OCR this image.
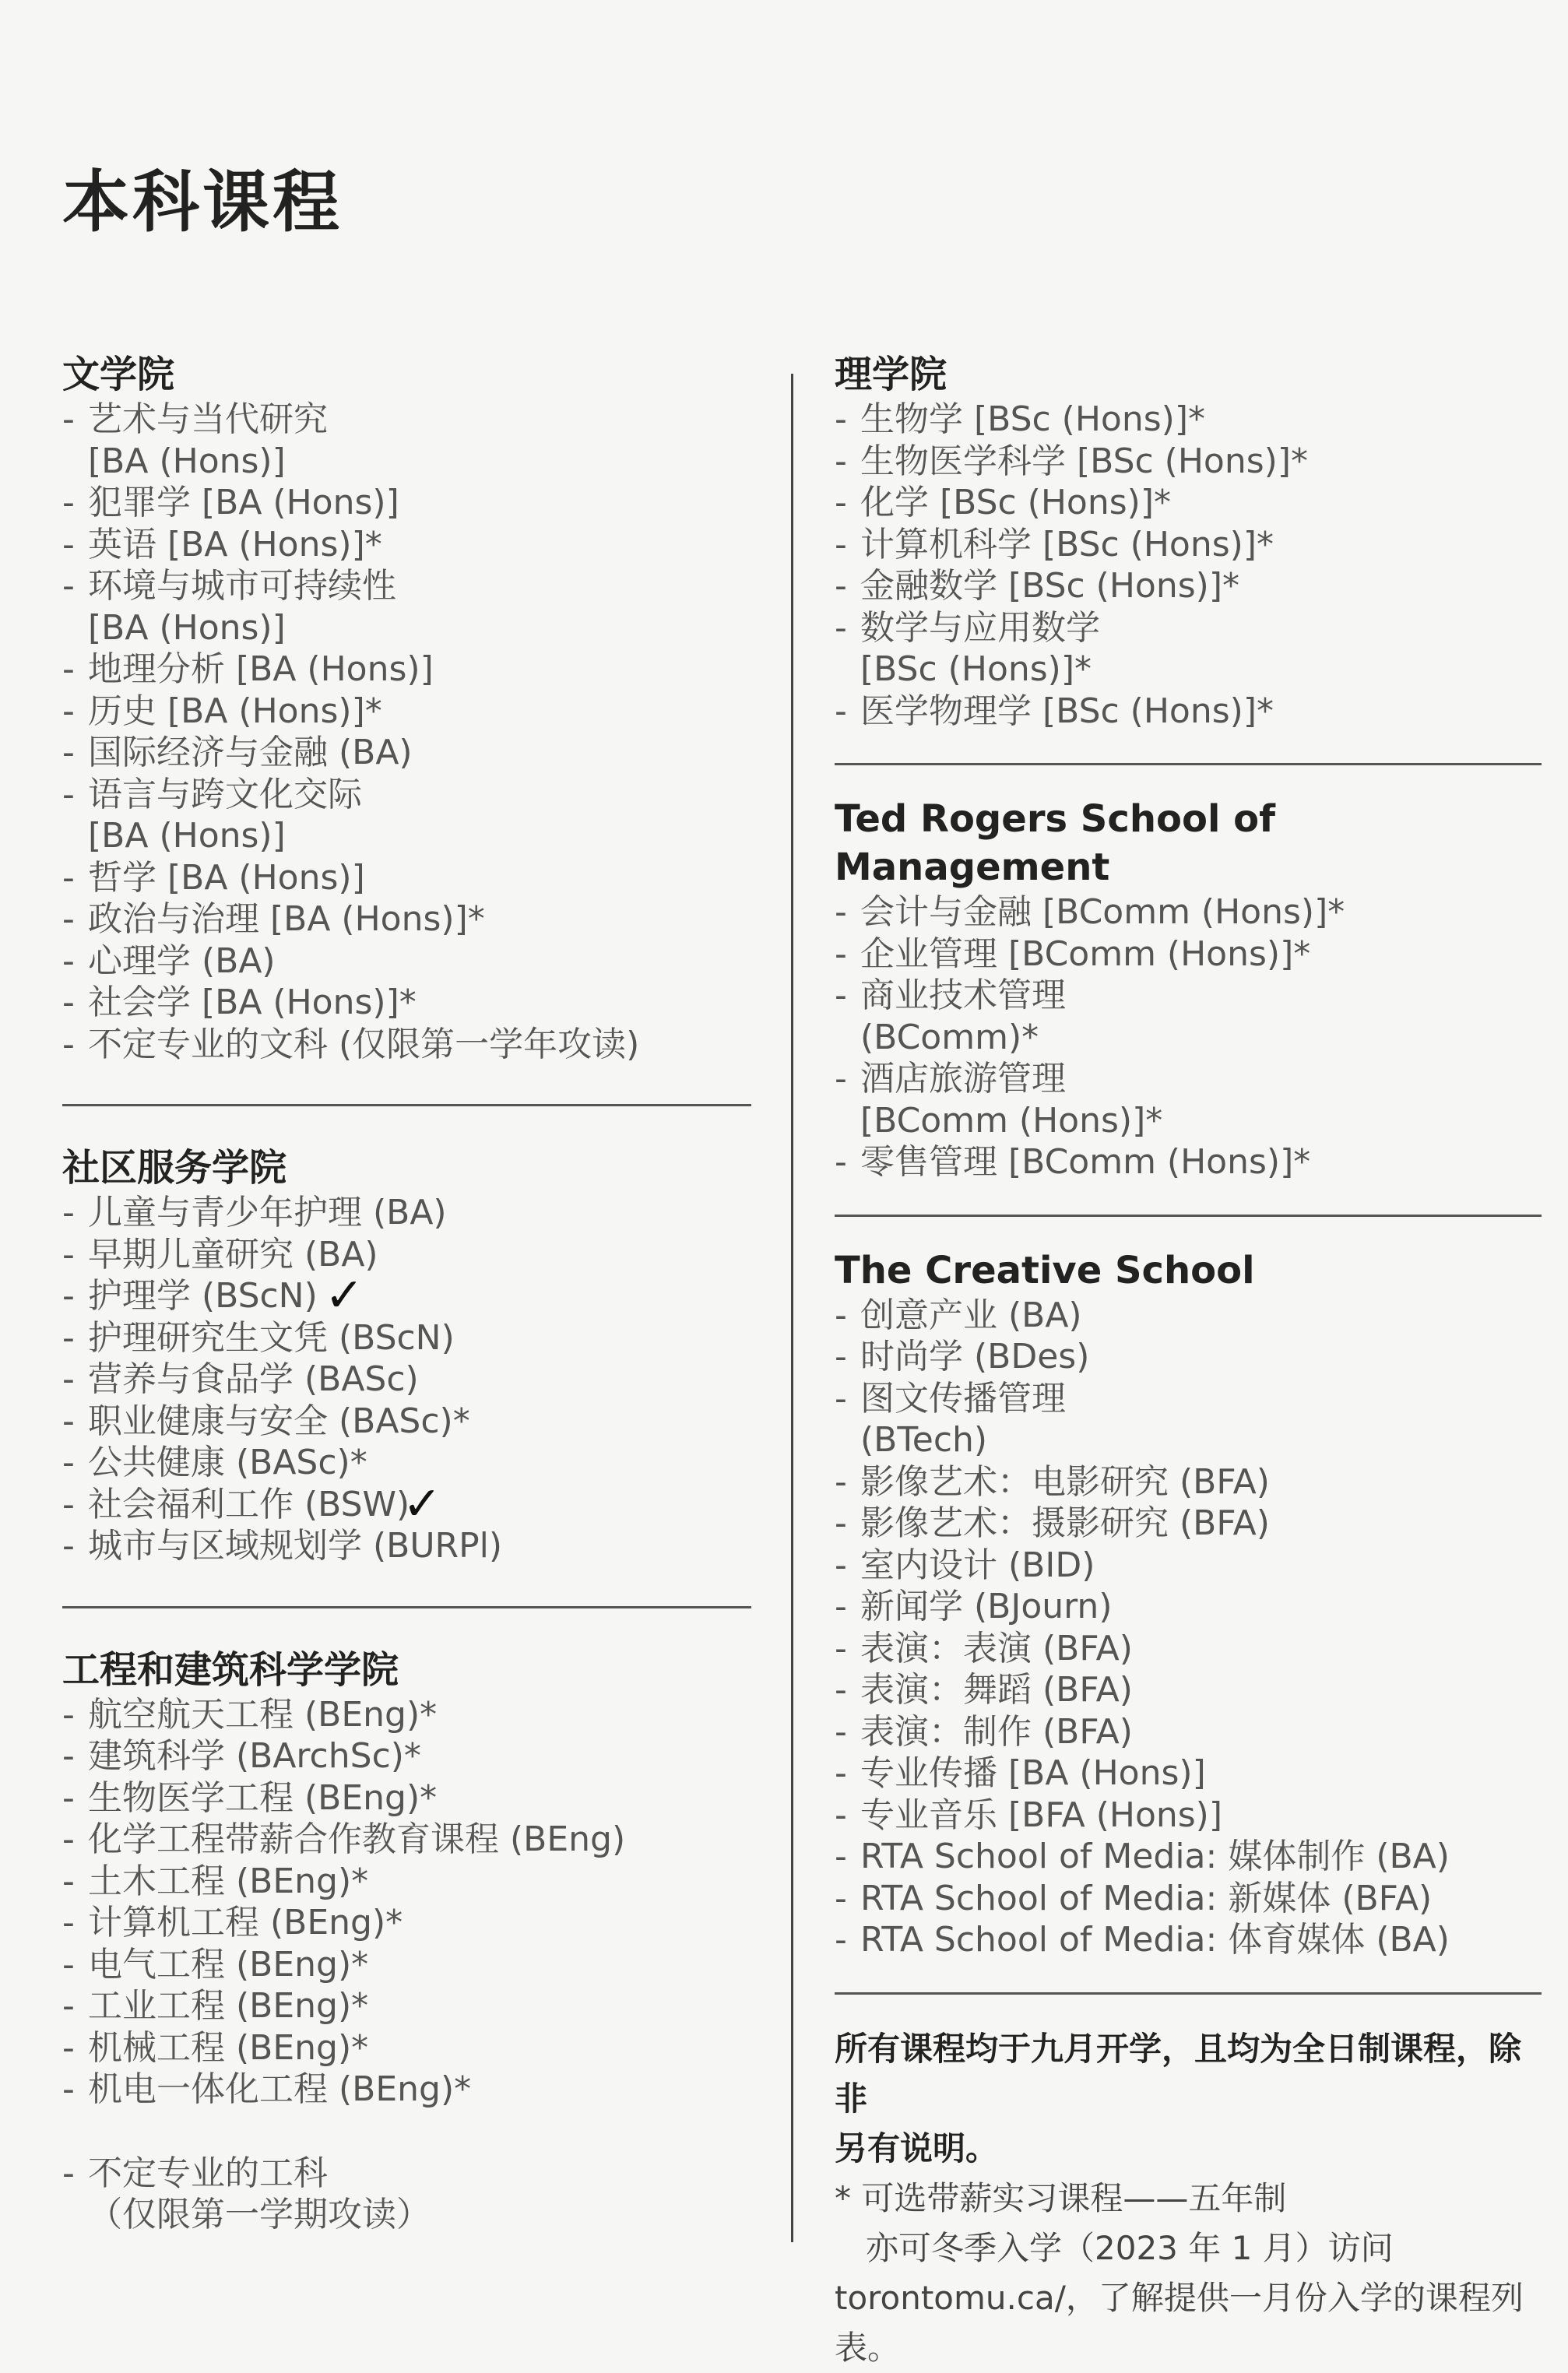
本科课程
文学院

- 艺术与当代研究
[BA (Hons)]

- 犯罪学 [BA (Hons)]

- 英语 [BA (Hons)]*

- 环境与城市可持续性
[BA (Hons)]

- 地理分析 [BA (Hons)]

- 历史 [BA (Hons)]*

- 国际经济与金融 (BA)

- 语言与跨文化交际
[BA (Hons)]

- 哲学 [BA (Hons)]

- 政治与治理 [BA (Hons)]*

- 心理学 (BA)

- 社会学 [BA (Hons)]*

- 不定专业的文科 (仅限第一学年攻读)

社区服务学院

- 儿童与青少年护理 (BA)

- 早期儿童研究 (BA)

- 护理学 (BScN) ✓

- 护理研究生文凭 (BScN)

- 营养与食品学 (BASc)

- 职业健康与安全 (BASc)*

- 公共健康 (BASc)*

- 社会福利工作 (BSW)
✓

- 城市与区域规划学 (BURPl)

工程和建筑科学学院

- 航空航天工程 (BEng)*

- 建筑科学 (BArchSc)*

- 生物医学工程 (BEng)*

- 化学工程带薪合作教育课程 (BEng)

- 土木工程 (BEng)*

- 计算机工程 (BEng)*

- 电气工程 (BEng)*

- 工业工程 (BEng)*

- 机械工程 (BEng)*

- 机电一体化工程 (BEng)*

- 不定专业的工科
（仅限第一学期攻读）

理学院

- 生物学 [BSc (Hons)]*

- 生物医学科学 [BSc (Hons)]*

- 化学 [BSc (Hons)]*

- 计算机科学 [BSc (Hons)]*

- 金融数学 [BSc (Hons)]*

- 数学与应用数学
[BSc (Hons)]*

- 医学物理学 [BSc (Hons)]*

Ted Rogers School of Management

- 会计与金融 [BComm (Hons)]*

- 企业管理 [BComm (Hons)]*

- 商业技术管理
(BComm)*

- 酒店旅游管理
[BComm (Hons)]*

- 零售管理 [BComm (Hons)]*

The Creative School

- 创意产业 (BA)

- 时尚学 (BDes)

- 图文传播管理
(BTech)

- 影像艺术：电影研究 (BFA)

- 影像艺术：摄影研究 (BFA)

- 室内设计 (BID)

- 新闻学 (BJourn)

- 表演：表演 (BFA)

- 表演：舞蹈 (BFA)

- 表演：制作 (BFA)

- 专业传播 [BA (Hons)]

- 专业音乐 [BFA (Hons)]

- RTA School of Media: 媒体制作 (BA)

- RTA School of Media: 新媒体 (BFA)

- RTA School of Media: 体育媒体 (BA)

所有课程均于九月开学，且均为全日制课程，除非

另有说明。

* 可选带薪实习课程——五年制

亦可冬季入学（2023 年 1 月）访问

torontomu.ca/，了解提供一月份入学的课程列

表。
